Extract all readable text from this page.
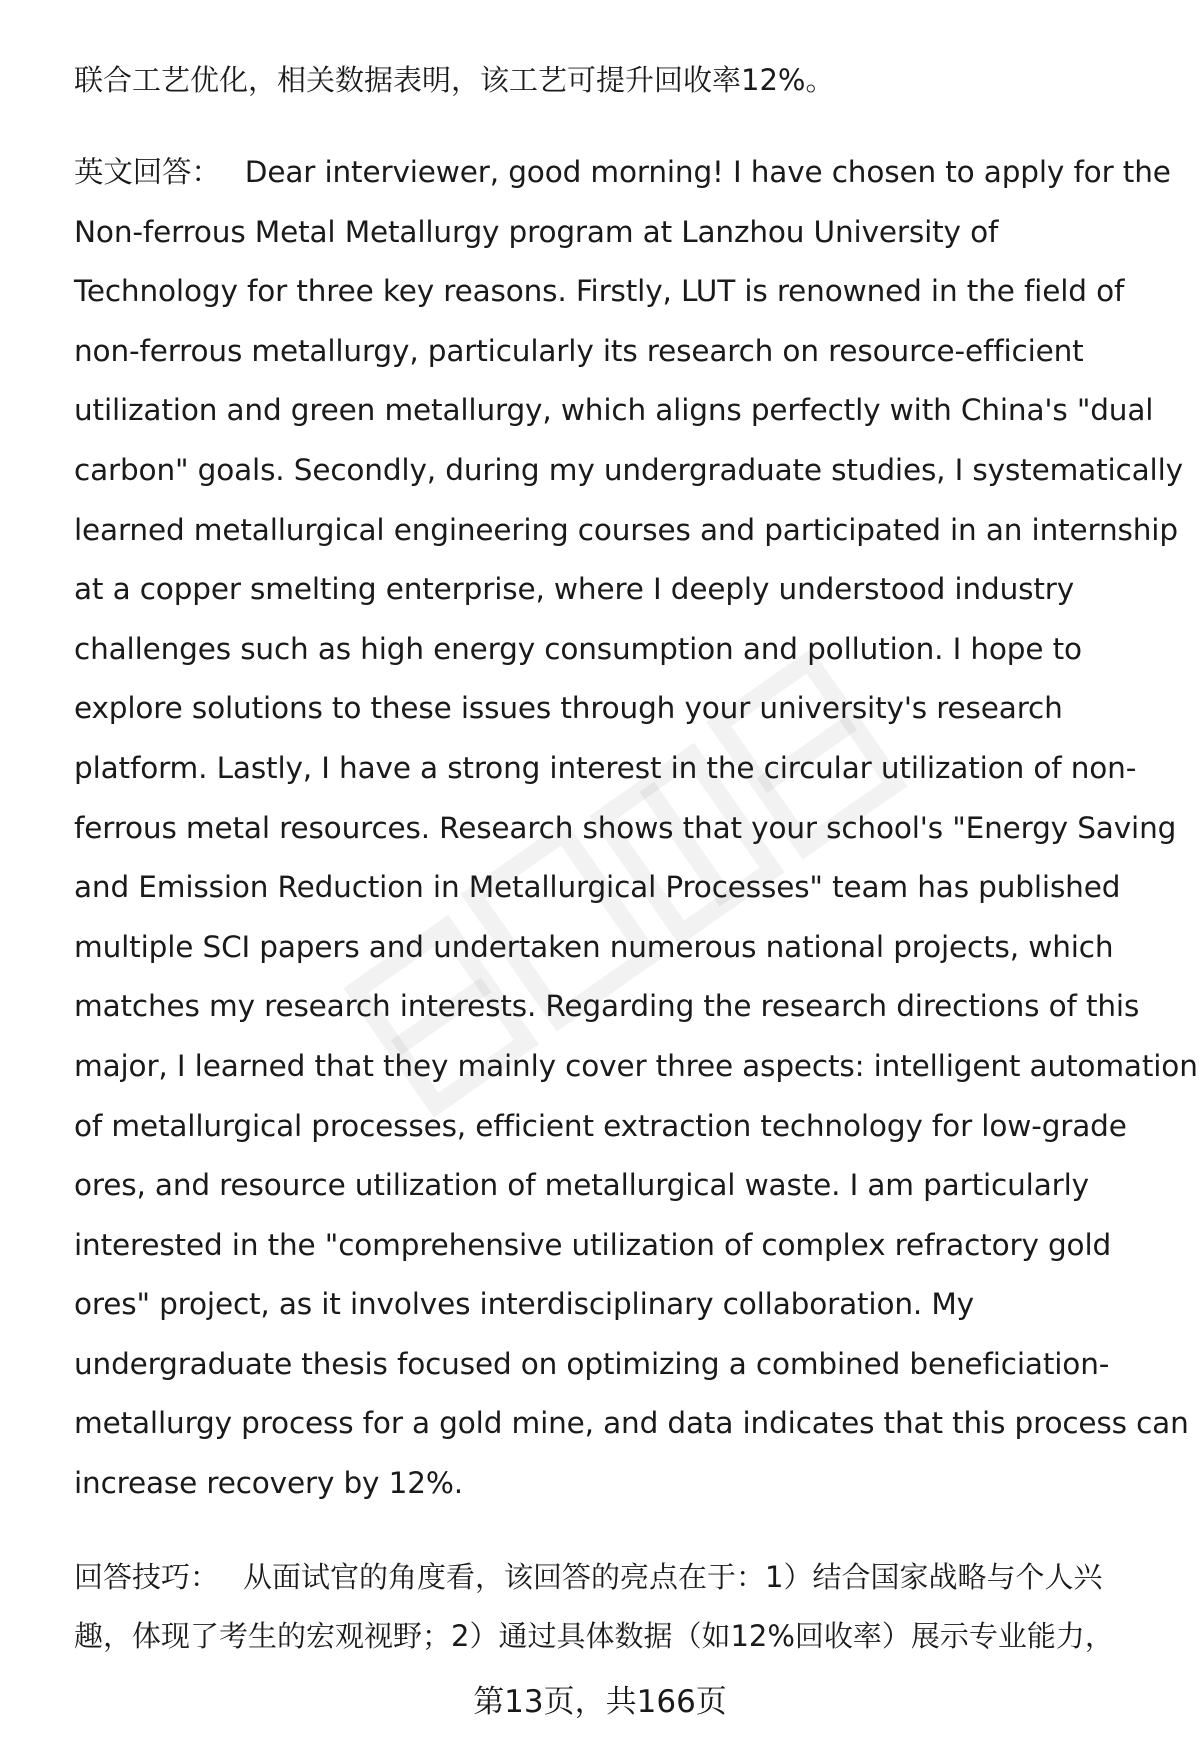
联合工艺优化，相关数据表明，该工艺可提升回收率12%。
英文回答： Dear interviewer, good morning! I have chosen to apply for the
Non-ferrous Metal Metallurgy program at Lanzhou University of
Technology for three key reasons. Firstly, LUT is renowned in the field of
non-ferrous metallurgy, particularly its research on resource-efficient
utilization and green metallurgy, which aligns perfectly with China's "dual
carbon" goals. Secondly, during my undergraduate studies, I systematically
learned metallurgical engineering courses and participated in an internship
at a copper smelting enterprise, where I deeply understood industry
challenges such as high energy consumption and pollution. I hope to
explore solutions to these issues through your university's research
platform. Lastly, I have a strong interest in the circular utilization of non-
ferrous metal resources. Research shows that your school's "Energy Saving
and Emission Reduction in Metallurgical Processes" team has published
multiple SCI papers and undertaken numerous national projects, which
matches my research interests. Regarding the research directions of this
major, I learned that they mainly cover three aspects: intelligent automation
of metallurgical processes, efficient extraction technology for low-grade
ores, and resource utilization of metallurgical waste. I am particularly
interested in the "comprehensive utilization of complex refractory gold
ores" project, as it involves interdisciplinary collaboration. My
undergraduate thesis focused on optimizing a combined beneficiation-
metallurgy process for a gold mine, and data indicates that this process can
increase recovery by 12%.
回答技巧： 从面试官的角度看，该回答的亮点在于：1）结合国家战略与个人兴
趣，体现了考生的宏观视野；2）通过具体数据（如12%回收率）展示专业能力，
第13页，共166页
